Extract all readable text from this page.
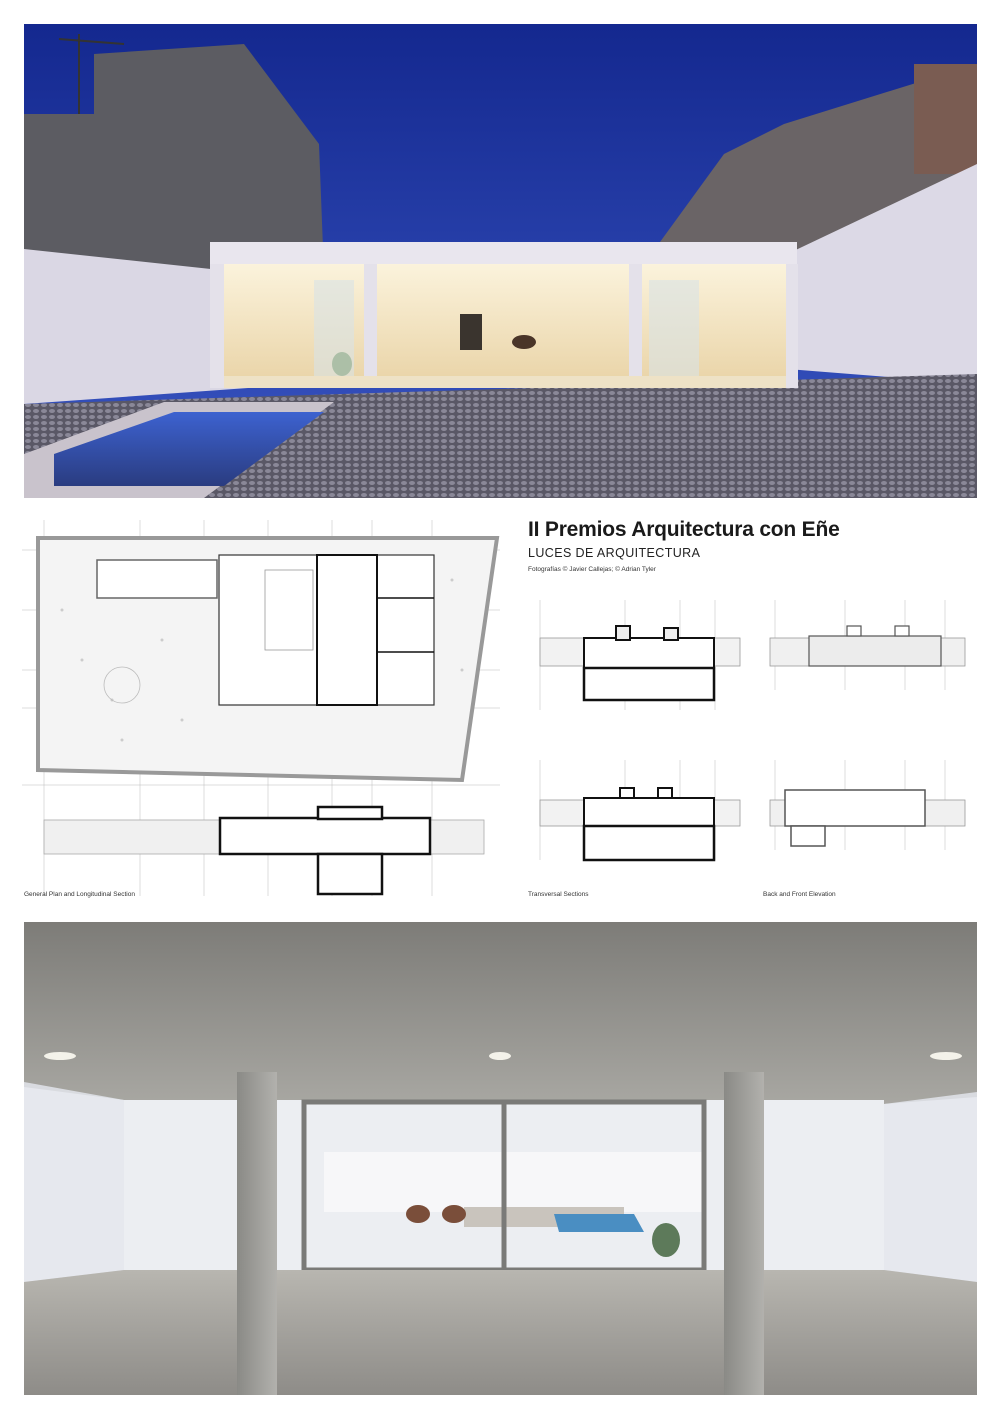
II Premios Arquitectura con Eñe
LUCES DE ARQUITECTURA
Fotografías © Javier Callejas; © Adrian Tyler
General Plan and Longitudinal Section	Transversal Sections	Back and Front Elevation
